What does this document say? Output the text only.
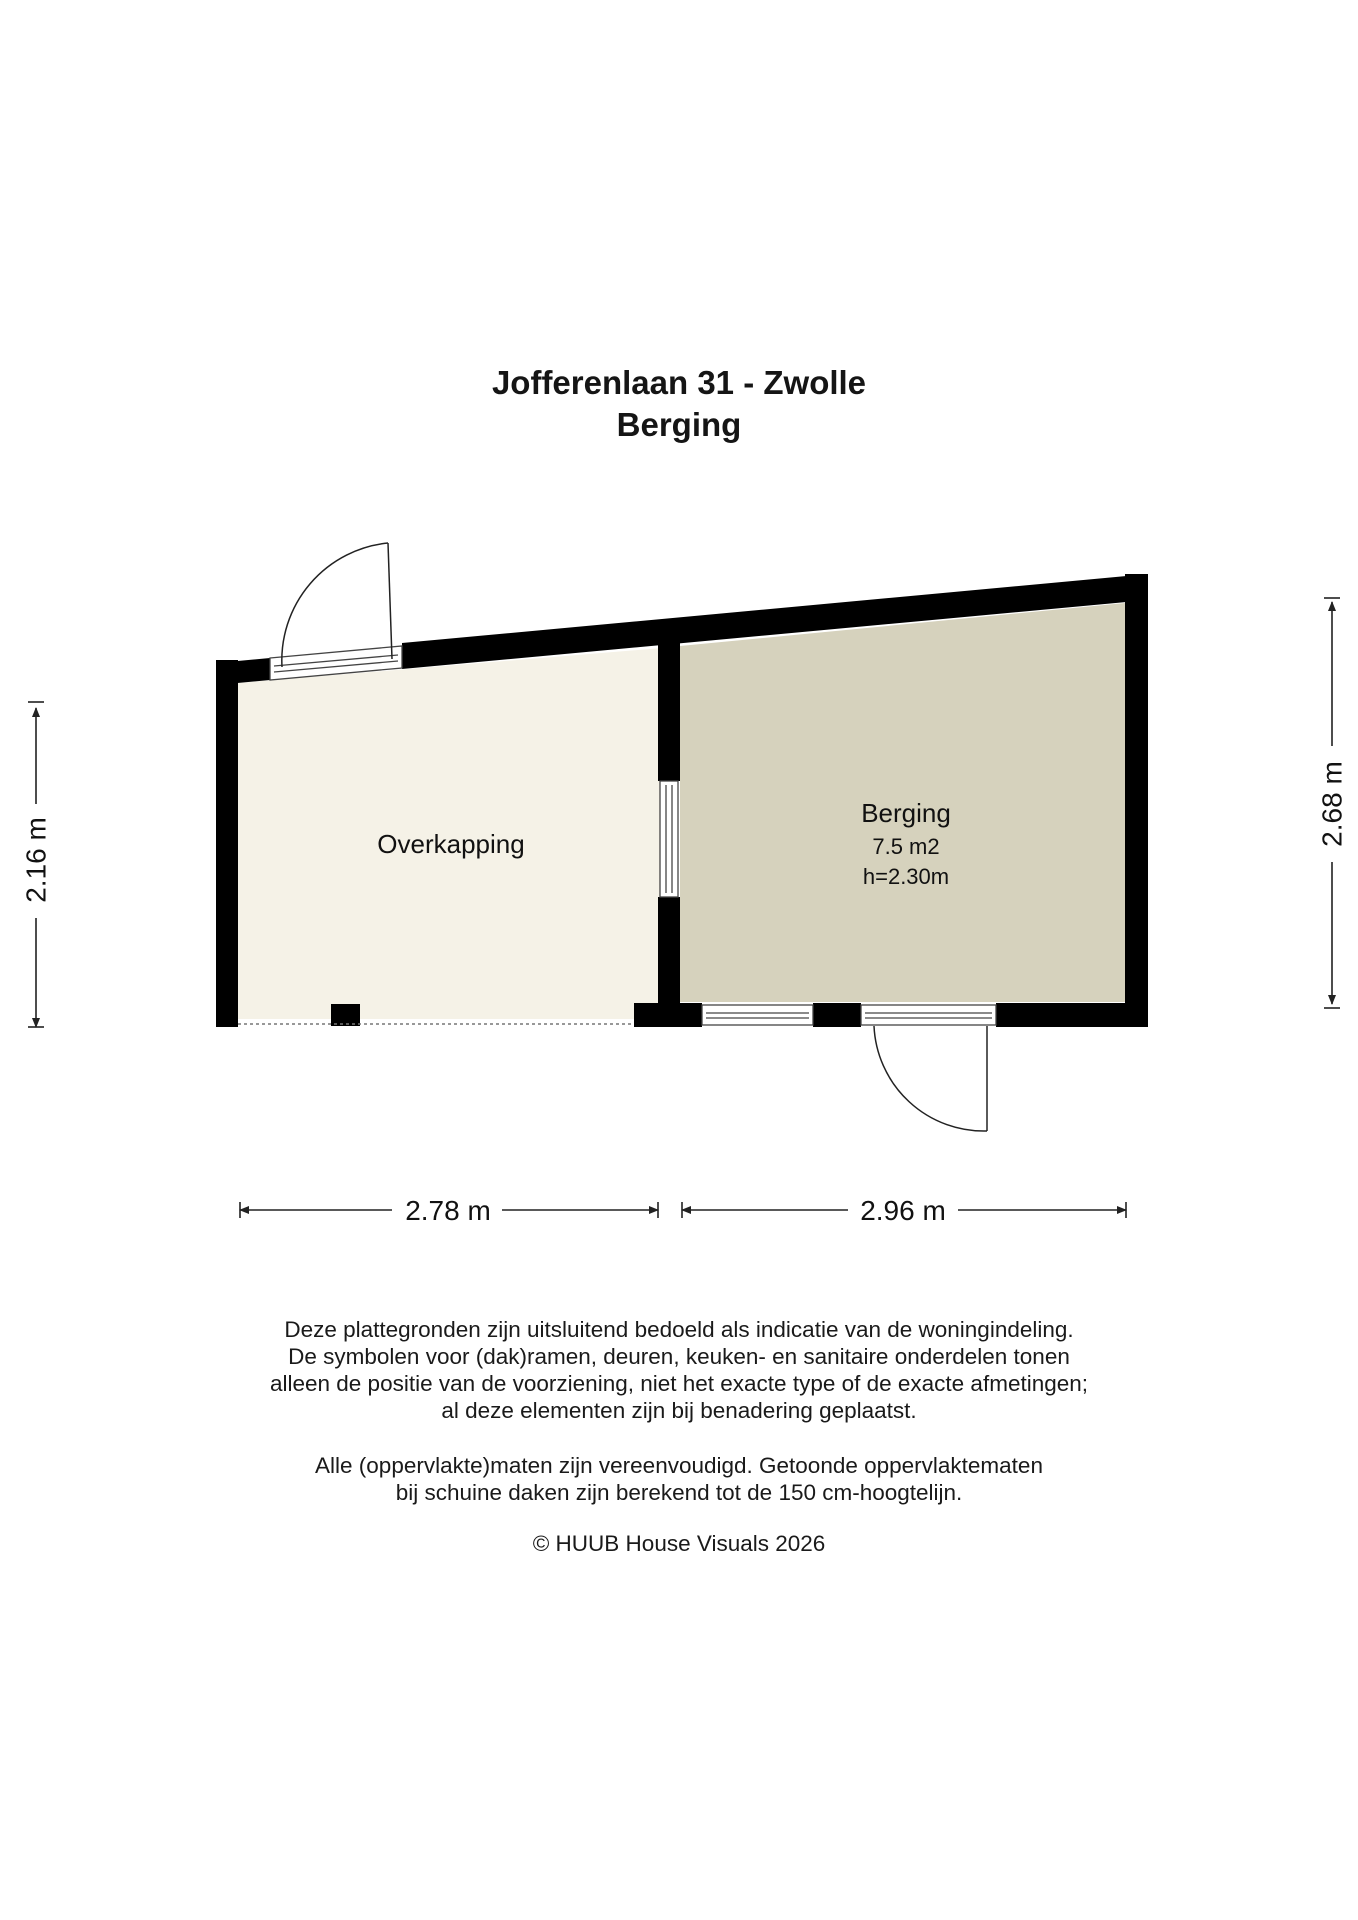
Jofferenlaan 31 - Zwolle
Berging
2.16 m
2.68 m
2.78 m	2.96 m
Overkapping
Berging
7.5 m2
h=2.30m
Deze plattegronden zijn uitsluitend bedoeld als indicatie van de woningindeling.
De symbolen voor (dak)ramen, deuren, keuken- en sanitaire onderdelen tonen
alleen de positie van de voorziening, niet het exacte type of de exacte afmetingen;
al deze elementen zijn bij benadering geplaatst.
Alle (oppervlakte)maten zijn vereenvoudigd. Getoonde oppervlaktematen
bij schuine daken zijn berekend tot de 150 cm-hoogtelijn.
© HUUB House Visuals 2026
